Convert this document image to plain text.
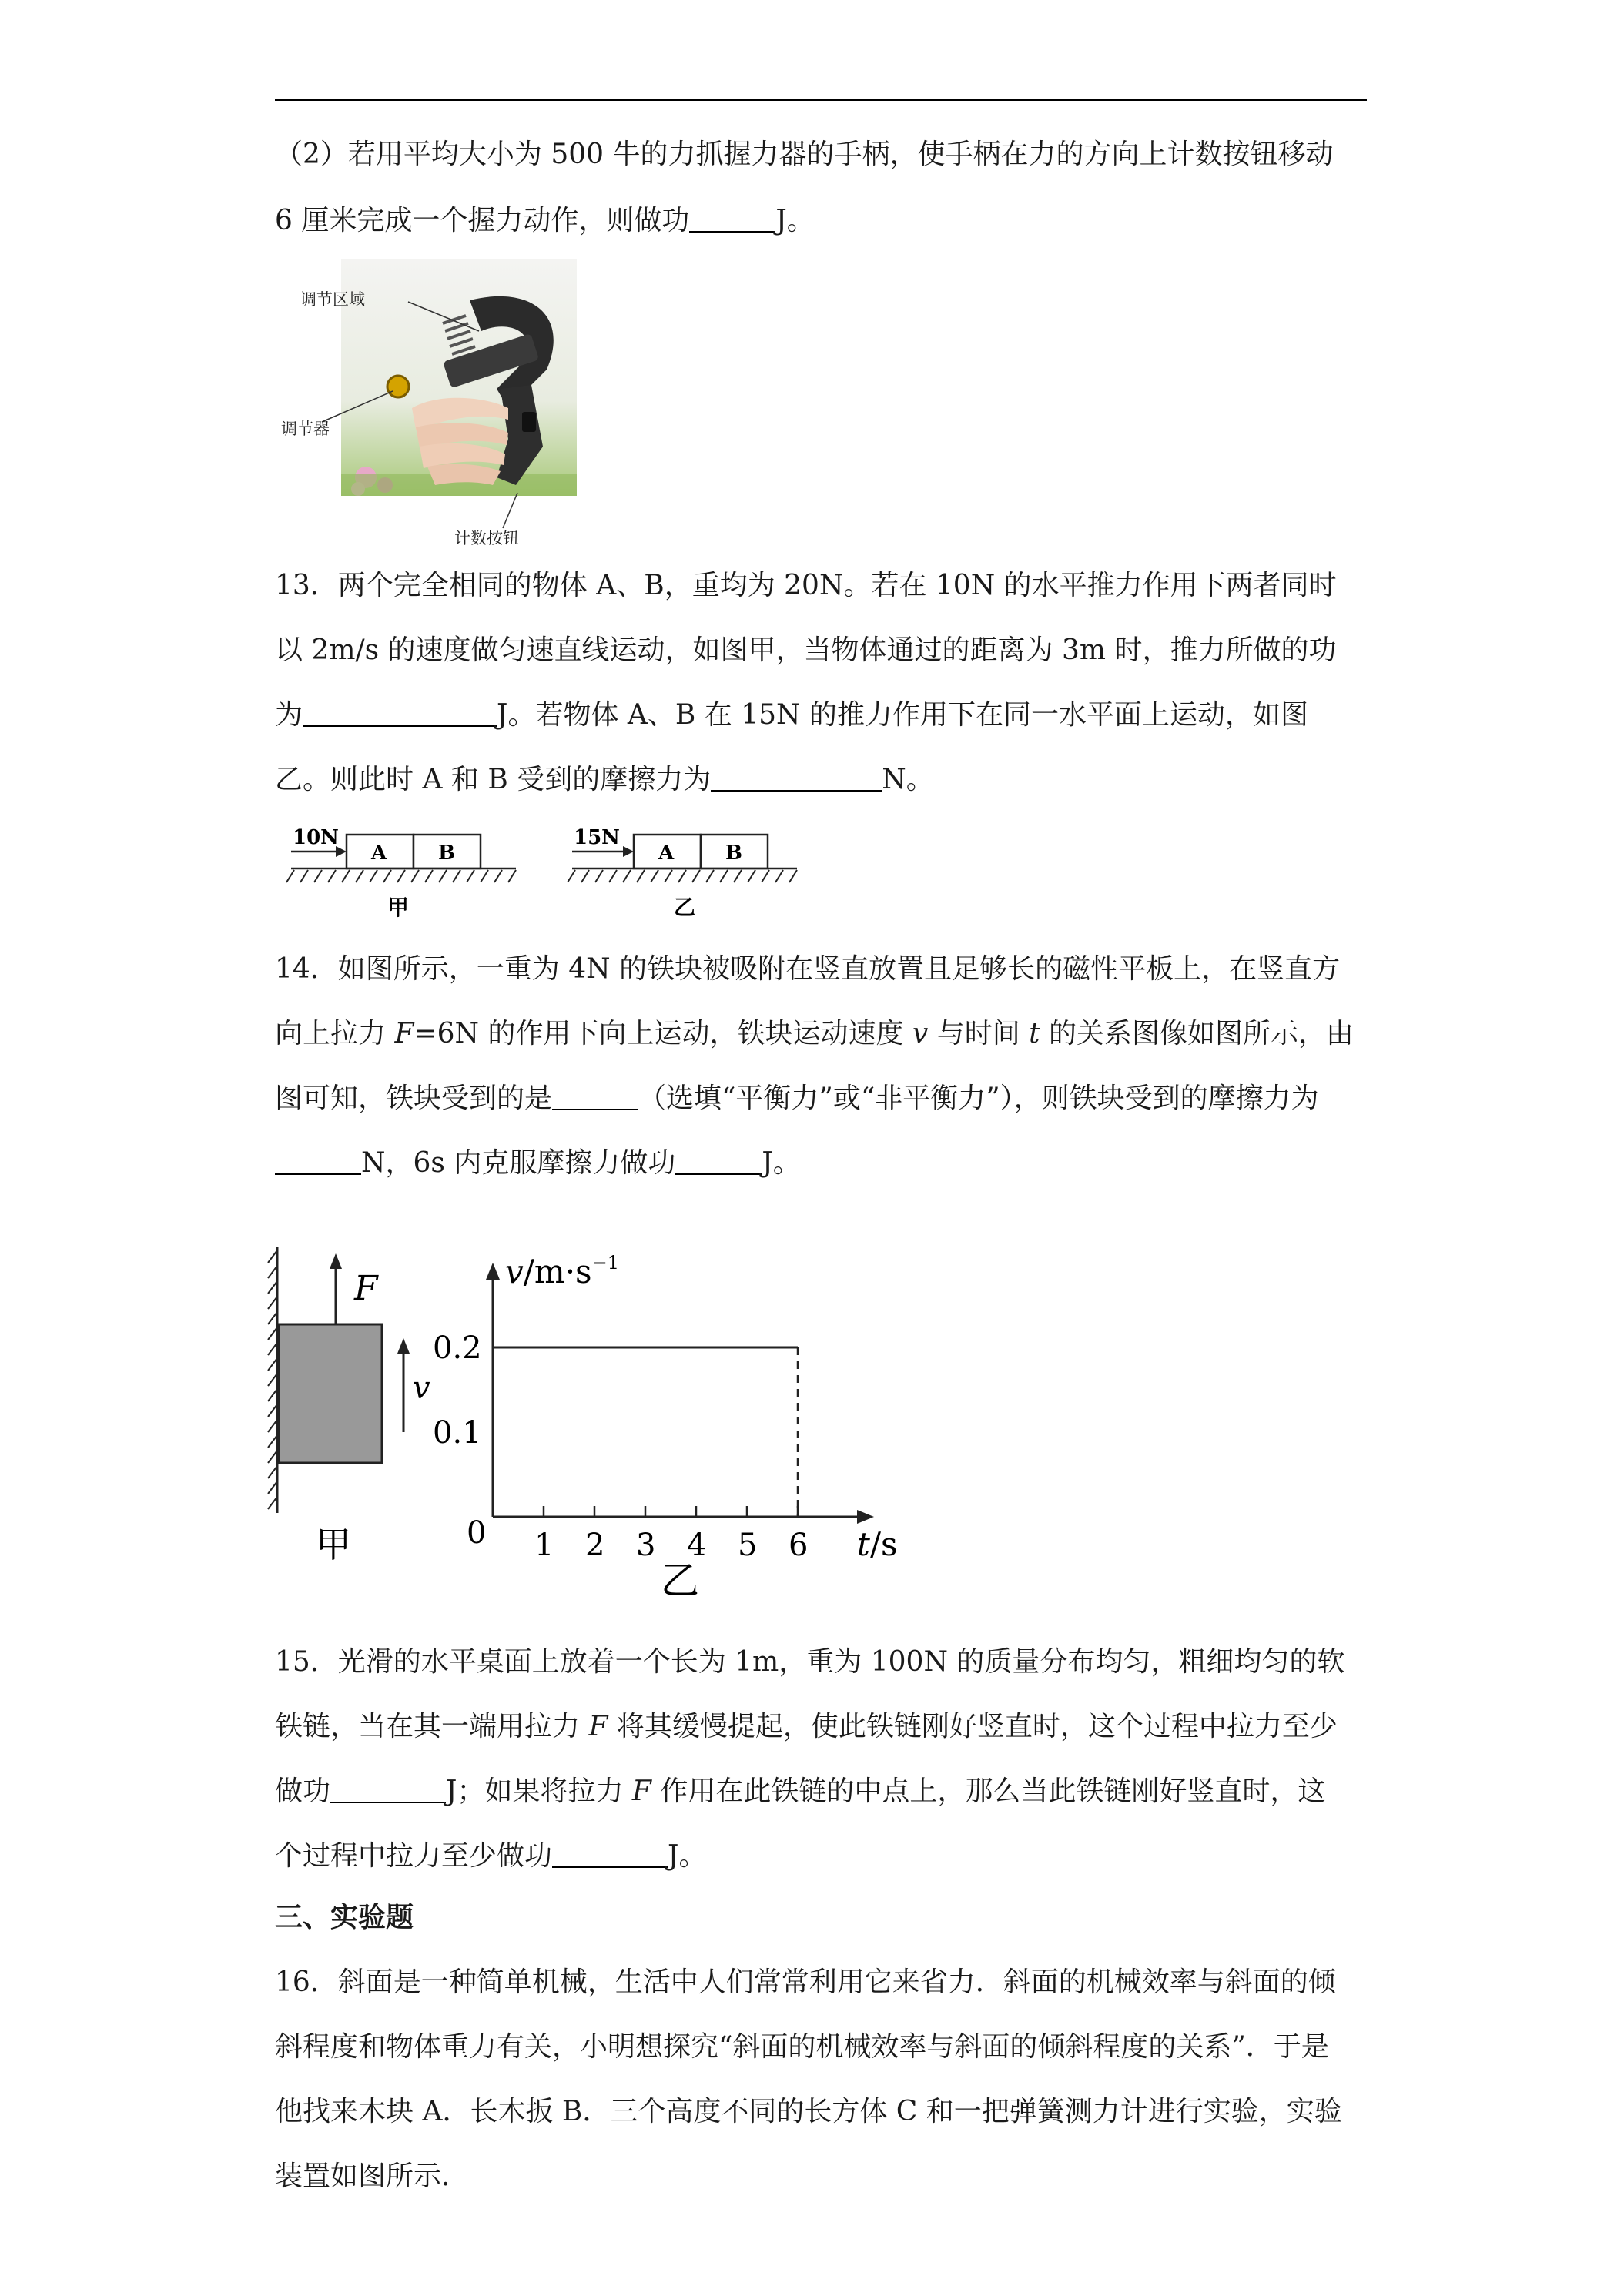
（2）若用平均大小为 500 牛的力抓握力器的手柄，使手柄在力的方向上计数按钮移动
6 厘米完成一个握力动作，则做功	J。
调节区域
调节器
计数按钮
13．两个完全相同的物体 A、B，重均为 20N。若在 10N 的水平推力作用下两者同时
以 2m/s 的速度做匀速直线运动，如图甲，当物体通过的距离为 3m 时，推力所做的功
为	J。若物体 A、B 在 15N 的推力作用下在同一水平面上运动，如图
乙。则此时 A 和 B 受到的摩擦力为	N。
10N
A	B
甲
15N
A	B
乙
14．如图所示，一重为 4N 的铁块被吸附在竖直放置且足够长的磁性平板上，在竖直方
向上拉力 F=6N 的作用下向上运动，铁块运动速度 v 与时间 t 的关系图像如图所示，由
图可知，铁块受到的是	（选填“平衡力”或“非平衡力”），则铁块受到的摩擦力为
N，6s 内克服摩擦力做功	J。
F
甲
v
1 2 3 4 5 6
0.1
0.2
0
$v/m\cdot s^{-1}$
t/s
乙
15．光滑的水平桌面上放着一个长为 1m，重为 100N 的质量分布均匀，粗细均匀的软
铁链，当在其一端用拉力 F 将其缓慢提起，使此铁链刚好竖直时，这个过程中拉力至少
做功	J；如果将拉力 F 作用在此铁链的中点上，那么当此铁链刚好竖直时，这
个过程中拉力至少做功	J。
三、实验题
16．斜面是一种简单机械，生活中人们常常利用它来省力．斜面的机械效率与斜面的倾
斜程度和物体重力有关，小明想探究“斜面的机械效率与斜面的倾斜程度的关系”．于是
他找来木块 A．长木扳 B．三个高度不同的长方体 C 和一把弹簧测力计进行实验，实验
装置如图所示．
